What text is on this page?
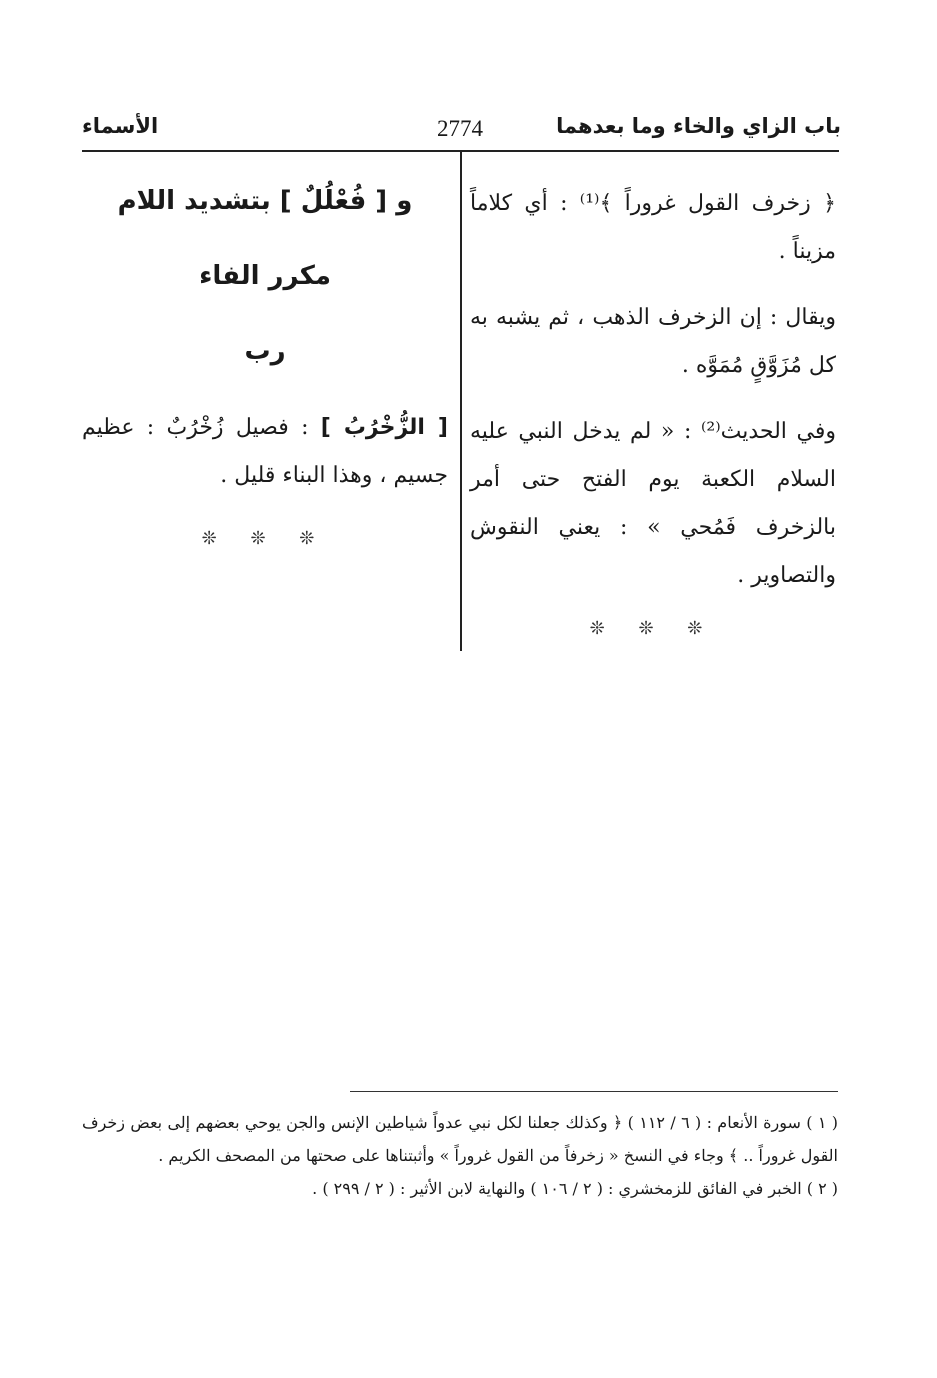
باب الزاي والخاء وما بعدهما
2774
الأسماء

﴿ زخرف القول غروراً ﴾⁽¹⁾ : أي كلاماً مزيناً .

ويقال : إن الزخرف الذهب ، ثم يشبه به كل مُزَوَّقٍ مُمَوَّه .

وفي الحديث⁽²⁾ : « لم يدخل النبي عليه السلام الكعبة يوم الفتح حتى أمر بالزخرف فَمُحي » : يعني النقوش والتصاوير .

❊ ❊ ❊

و [ فُعْلُلٌ ] بتشديد اللام

مكرر الفاء

رب

[ الزُّخْرُبُ ] : فصيل زُخْرُبٌ : عظيم جسيم ، وهذا البناء قليل .

❊ ❊ ❊

( ١ ) سورة الأنعام : ( ٦ / ١١٢ ) ﴿ وكذلك جعلنا لكل نبي عدواً شياطين الإنس والجن يوحي بعضهم إلى بعض زخرف القول غروراً .. ﴾ وجاء في النسخ « زخرفاً من القول غروراً » وأثبتناها على صحتها من المصحف الكريم .

( ٢ ) الخبر في الفائق للزمخشري : ( ٢ / ١٠٦ ) والنهاية لابن الأثير : ( ٢ / ٢٩٩ ) .
